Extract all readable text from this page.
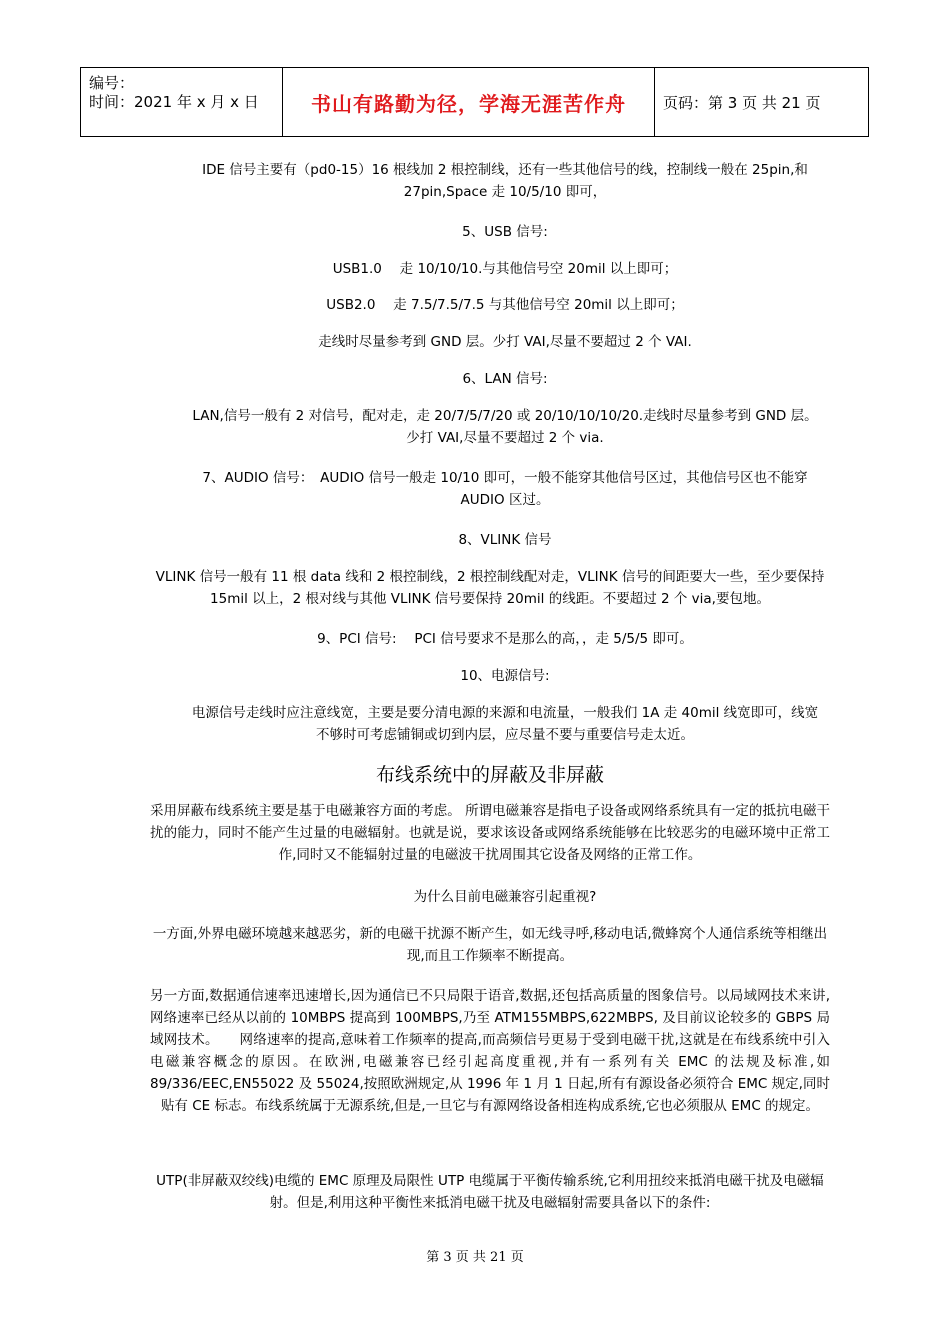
编号：
时间：2021 年 x 月 x 日	书山有路勤为径，学海无涯苦作舟	页码：第 3 页 共 21 页
IDE 信号主要有（pd0-15）16 根线加 2 根控制线，还有一些其他信号的线，控制线一般在 25pin,和 27pin,Space 走 10/5/10 即可，
5、USB 信号:
USB1.0　 走 10/10/10.与其他信号空 20mil 以上即可；
USB2.0　 走 7.5/7.5/7.5 与其他信号空 20mil 以上即可；
走线时尽量参考到 GND 层。少打 VAI,尽量不要超过 2 个 VAI.
6、LAN 信号:
LAN,信号一般有 2 对信号，配对走，走 20/7/5/7/20 或 20/10/10/10/20.走线时尽量参考到 GND 层。少打 VAI,尽量不要超过 2 个 via.
7、AUDIO 信号：　AUDIO 信号一般走 10/10 即可，一般不能穿其他信号区过，其他信号区也不能穿 AUDIO 区过。
8、VLINK 信号
VLINK 信号一般有 11 根 data 线和 2 根控制线，2 根控制线配对走，VLINK 信号的间距要大一些，至少要保持 15mil 以上，2 根对线与其他 VLINK 信号要保持 20mil 的线距。不要超过 2 个 via,要包地。
9、PCI 信号:　 PCI 信号要求不是那么的高，，走 5/5/5 即可。
10、电源信号:
电源信号走线时应注意线宽，主要是要分清电源的来源和电流量，一般我们 1A 走 40mil 线宽即可，线宽不够时可考虑铺铜或切到内层，应尽量不要与重要信号走太近。
布线系统中的屏蔽及非屏蔽
采用屏蔽布线系统主要是基于电磁兼容方面的考虑。 所谓电磁兼容是指电子设备或网络系统具有一定的抵抗电磁干扰的能力，同时不能产生过量的电磁辐射。也就是说，要求该设备或网络系统能够在比较恶劣的电磁环境中正常工作,同时又不能辐射过量的电磁波干扰周围其它设备及网络的正常工作。
为什么目前电磁兼容引起重视?
一方面,外界电磁环境越来越恶劣，新的电磁干扰源不断产生，如无线寻呼,移动电话,微蜂窝个人通信系统等相继出现,而且工作频率不断提高。
另一方面,数据通信速率迅速增长,因为通信已不只局限于语音,数据,还包括高质量的图象信号。以局域网技术来讲,网络速率已经从以前的 10MBPS 提高到 100MBPS,乃至 ATM155MBPS,622MBPS, 及目前议论较多的 GBPS 局域网技术。　　网络速率的提高,意味着工作频率的提高,而高频信号更易于受到电磁干扰,这就是在布线系统中引入电磁兼容概念的原因。在欧洲,电磁兼容已经引起高度重视,并有一系列有关 EMC 的法规及标准,如 89/336/EEC,EN55022 及 55024,按照欧洲规定,从 1996 年 1 月 1 日起,所有有源设备必须符合 EMC 规定,同时贴有 CE 标志。布线系统属于无源系统,但是,一旦它与有源网络设备相连构成系统,它也必须服从 EMC 的规定。
UTP(非屏蔽双绞线)电缆的 EMC 原理及局限性 UTP 电缆属于平衡传输系统,它利用扭绞来抵消电磁干扰及电磁辐射。但是,利用这种平衡性来抵消电磁干扰及电磁辐射需要具备以下的条件:
第 3 页 共 21 页
